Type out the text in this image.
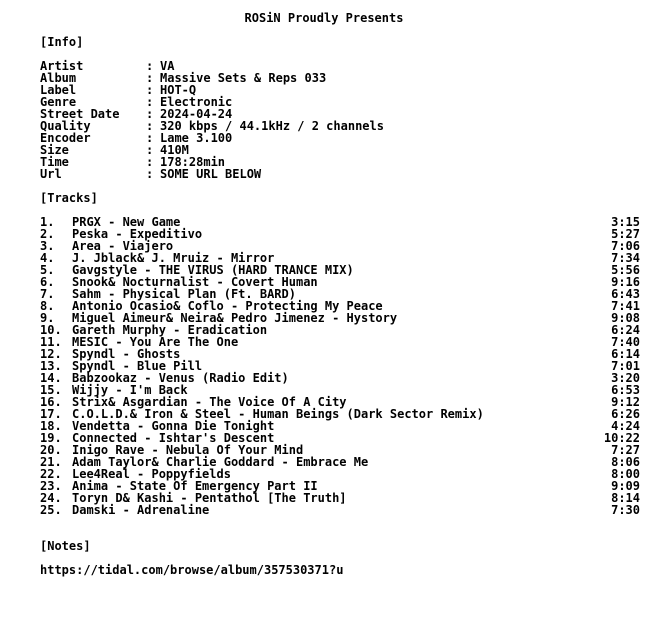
ROSiN Proudly Presents
[Info]
Artist	: VA
Album	: Massive Sets & Reps 033
Label	: HOT-Q
Genre	: Electronic
Street Date : 2024-04-24
Quality	: 320 kbps / 44.1kHz / 2 channels
Encoder	: Lame 3.100
Size	: 410M
Time	: 178:28min
Url	: SOME URL BELOW
[Tracks]
1. PRGX - New Game	3:15
2. Peska - Expeditivo	5:27
3. Area - Viajero	7:06
4. J. Jblack& J. Mruiz - Mirror	7:34
5. Gavgstyle - THE VIRUS (HARD TRANCE MIX)	5:56
6. Snook& Nocturnalist - Covert Human	9:16
7. Sahm - Physical Plan (Ft. BARD)	6:43
8. Antonio Ocasio& Coflo - Protecting My Peace	7:41
9. Miguel Aimeur& Neira& Pedro Jimenez - Hystory	9:08
10. Gareth Murphy - Eradication	6:24
11. MESIC - You Are The One	7:40
12. Spyndl - Ghosts	6:14
13. Spyndl - Blue Pill	7:01
14. Babzookaz - Venus (Radio Edit)	3:20
15. Wijjy - I'm Back	6:53
16. Strix& Asgardian - The Voice Of A City	9:12
17. C.O.L.D.& Iron & Steel - Human Beings (Dark Sector Remix)	6:26
18. Vendetta - Gonna Die Tonight	4:24
19. Connected - Ishtar's Descent	10:22
20. Inigo Rave - Nebula Of Your Mind	7:27
21. Adam Taylor& Charlie Goddard - Embrace Me	8:06
22. Lee4Real - Poppyfields	8:00
23. Anima - State Of Emergency Part II	9:09
24. Toryn D& Kashi - Pentathol [The Truth]	8:14
25. Damski - Adrenaline	7:30
[Notes]
https://tidal.com/browse/album/357530371?u
